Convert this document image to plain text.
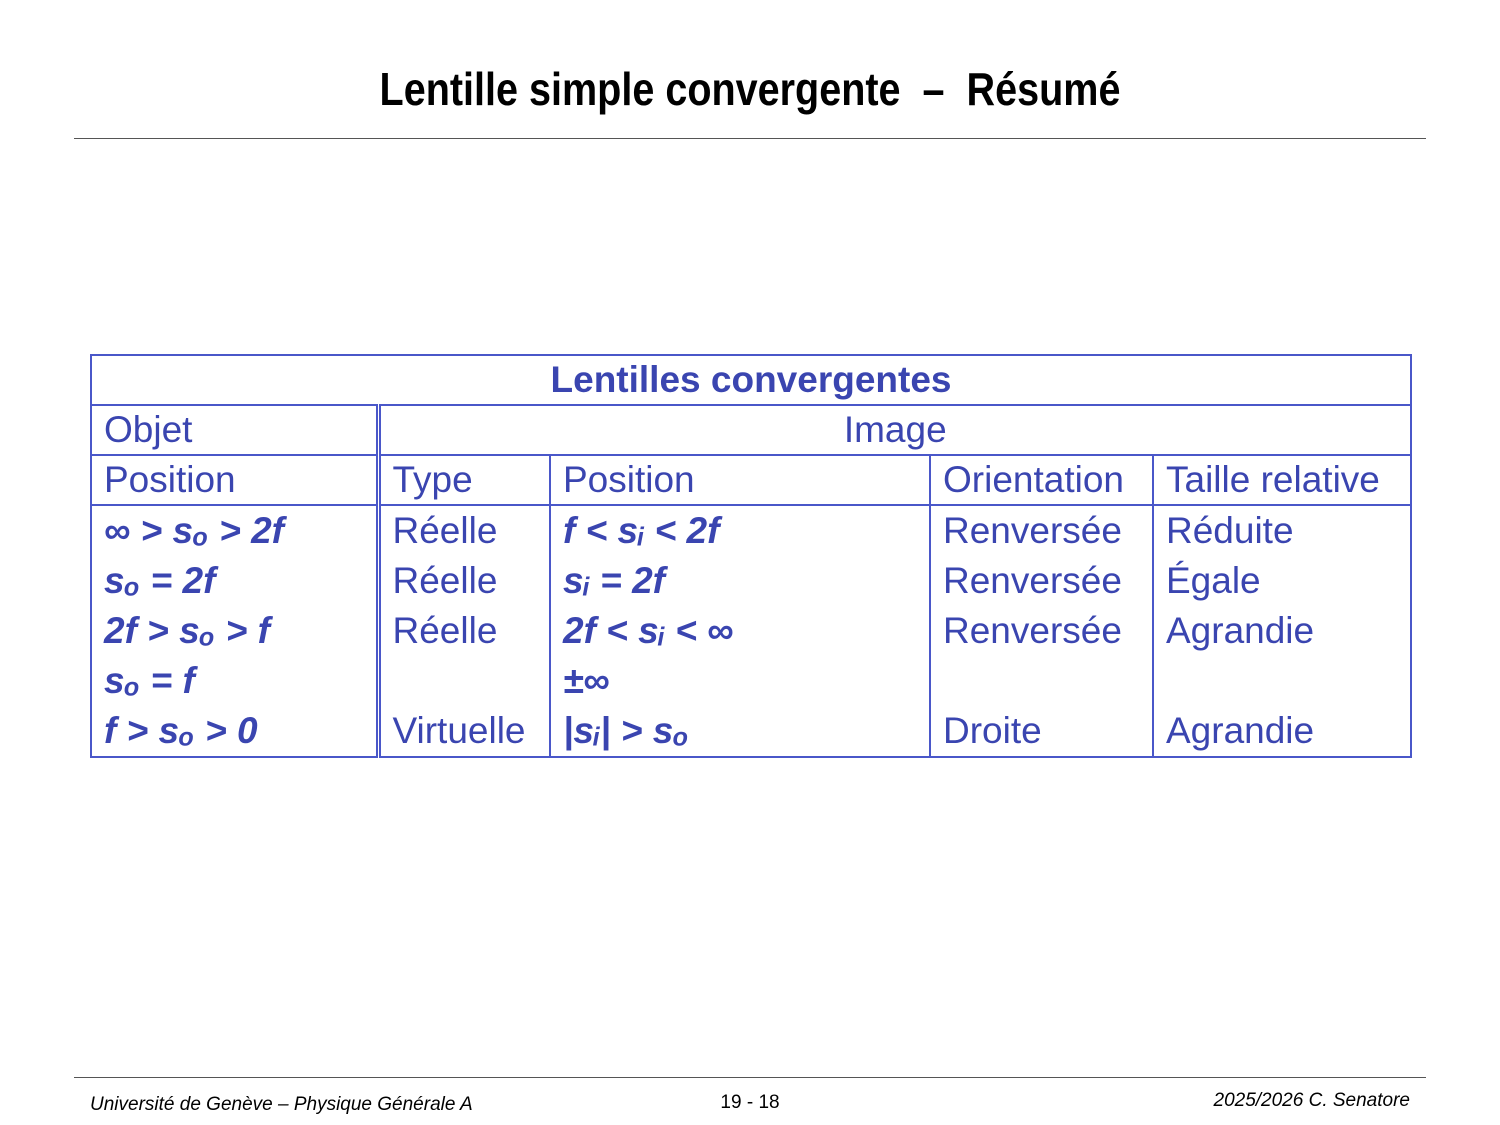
Lentille simple convergente  –  Résumé
Lentilles convergentes				
Objet	Image			
Position	Type	Position	Orientation	Taille relative
∞ > sₒ > 2f	Réelle	f < sᵢ < 2f	Renversée	Réduite
sₒ = 2f	Réelle	sᵢ = 2f	Renversée	Égale
2f > sₒ > f	Réelle	2f < sᵢ < ∞	Renversée	Agrandie
sₒ = f		±∞		
f > sₒ > 0	Virtuelle	|sᵢ| > sₒ	Droite	Agrandie
Université de Genève – Physique Générale A	19 - 18	2025/2026 C. Senatore
